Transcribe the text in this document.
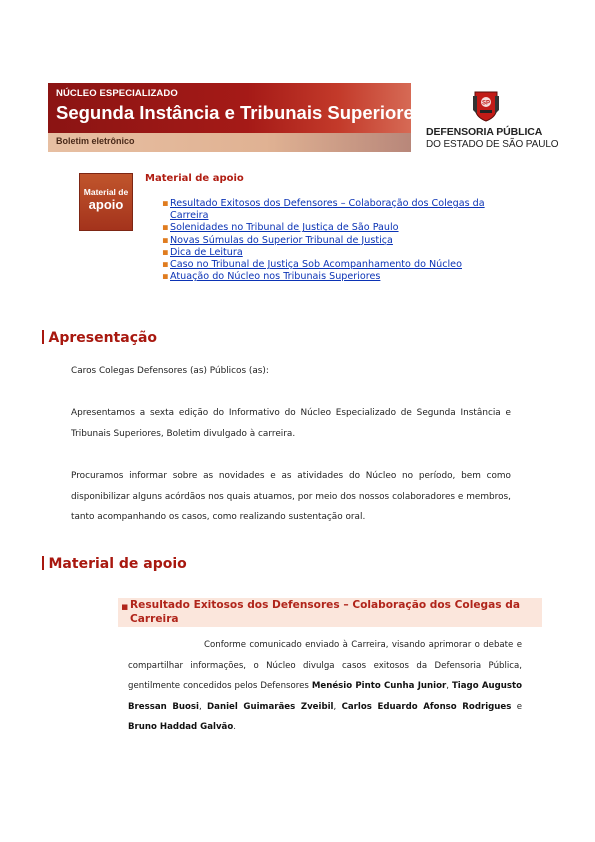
NÚCLEO ESPECIALIZADO
Segunda Instância e Tribunais Superiores
Boletim eletrônico
SP
DEFENSORIA PÚBLICA
DO ESTADO DE SÃO PAULO
Material de
apoio
Material de apoio
▪ Resultado Exitosos dos Defensores – Colaboração dos Colegas da Carreira
▪ Solenidades no Tribunal de Justiça de São Paulo
▪ Novas Súmulas do Superior Tribunal de Justiça
▪ Dica de Leitura
▪ Caso no Tribunal de Justiça Sob Acompanhamento do Núcleo
▪ Atuação do Núcleo nos Tribunais Superiores
Apresentação
Caros Colegas Defensores (as) Públicos (as):
Apresentamos a sexta edição do Informativo do Núcleo Especializado de Segunda Instância e Tribunais Superiores, Boletim divulgado à carreira.
Procuramos informar sobre as novidades e as atividades do Núcleo no período, bem como disponibilizar alguns acórdãos nos quais atuamos, por meio dos nossos colaboradores e membros, tanto acompanhando os casos, como realizando sustentação oral.
Material de apoio
▪ Resultado Exitosos dos Defensores – Colaboração dos Colegas da Carreira
Conforme comunicado enviado à Carreira, visando aprimorar o debate e compartilhar informações, o Núcleo divulga casos exitosos da Defensoria Pública, gentilmente concedidos pelos Defensores Menésio Pinto Cunha Junior, Tiago Augusto Bressan Buosi, Daniel Guimarães Zveibil, Carlos Eduardo Afonso Rodrigues e Bruno Haddad Galvão.
